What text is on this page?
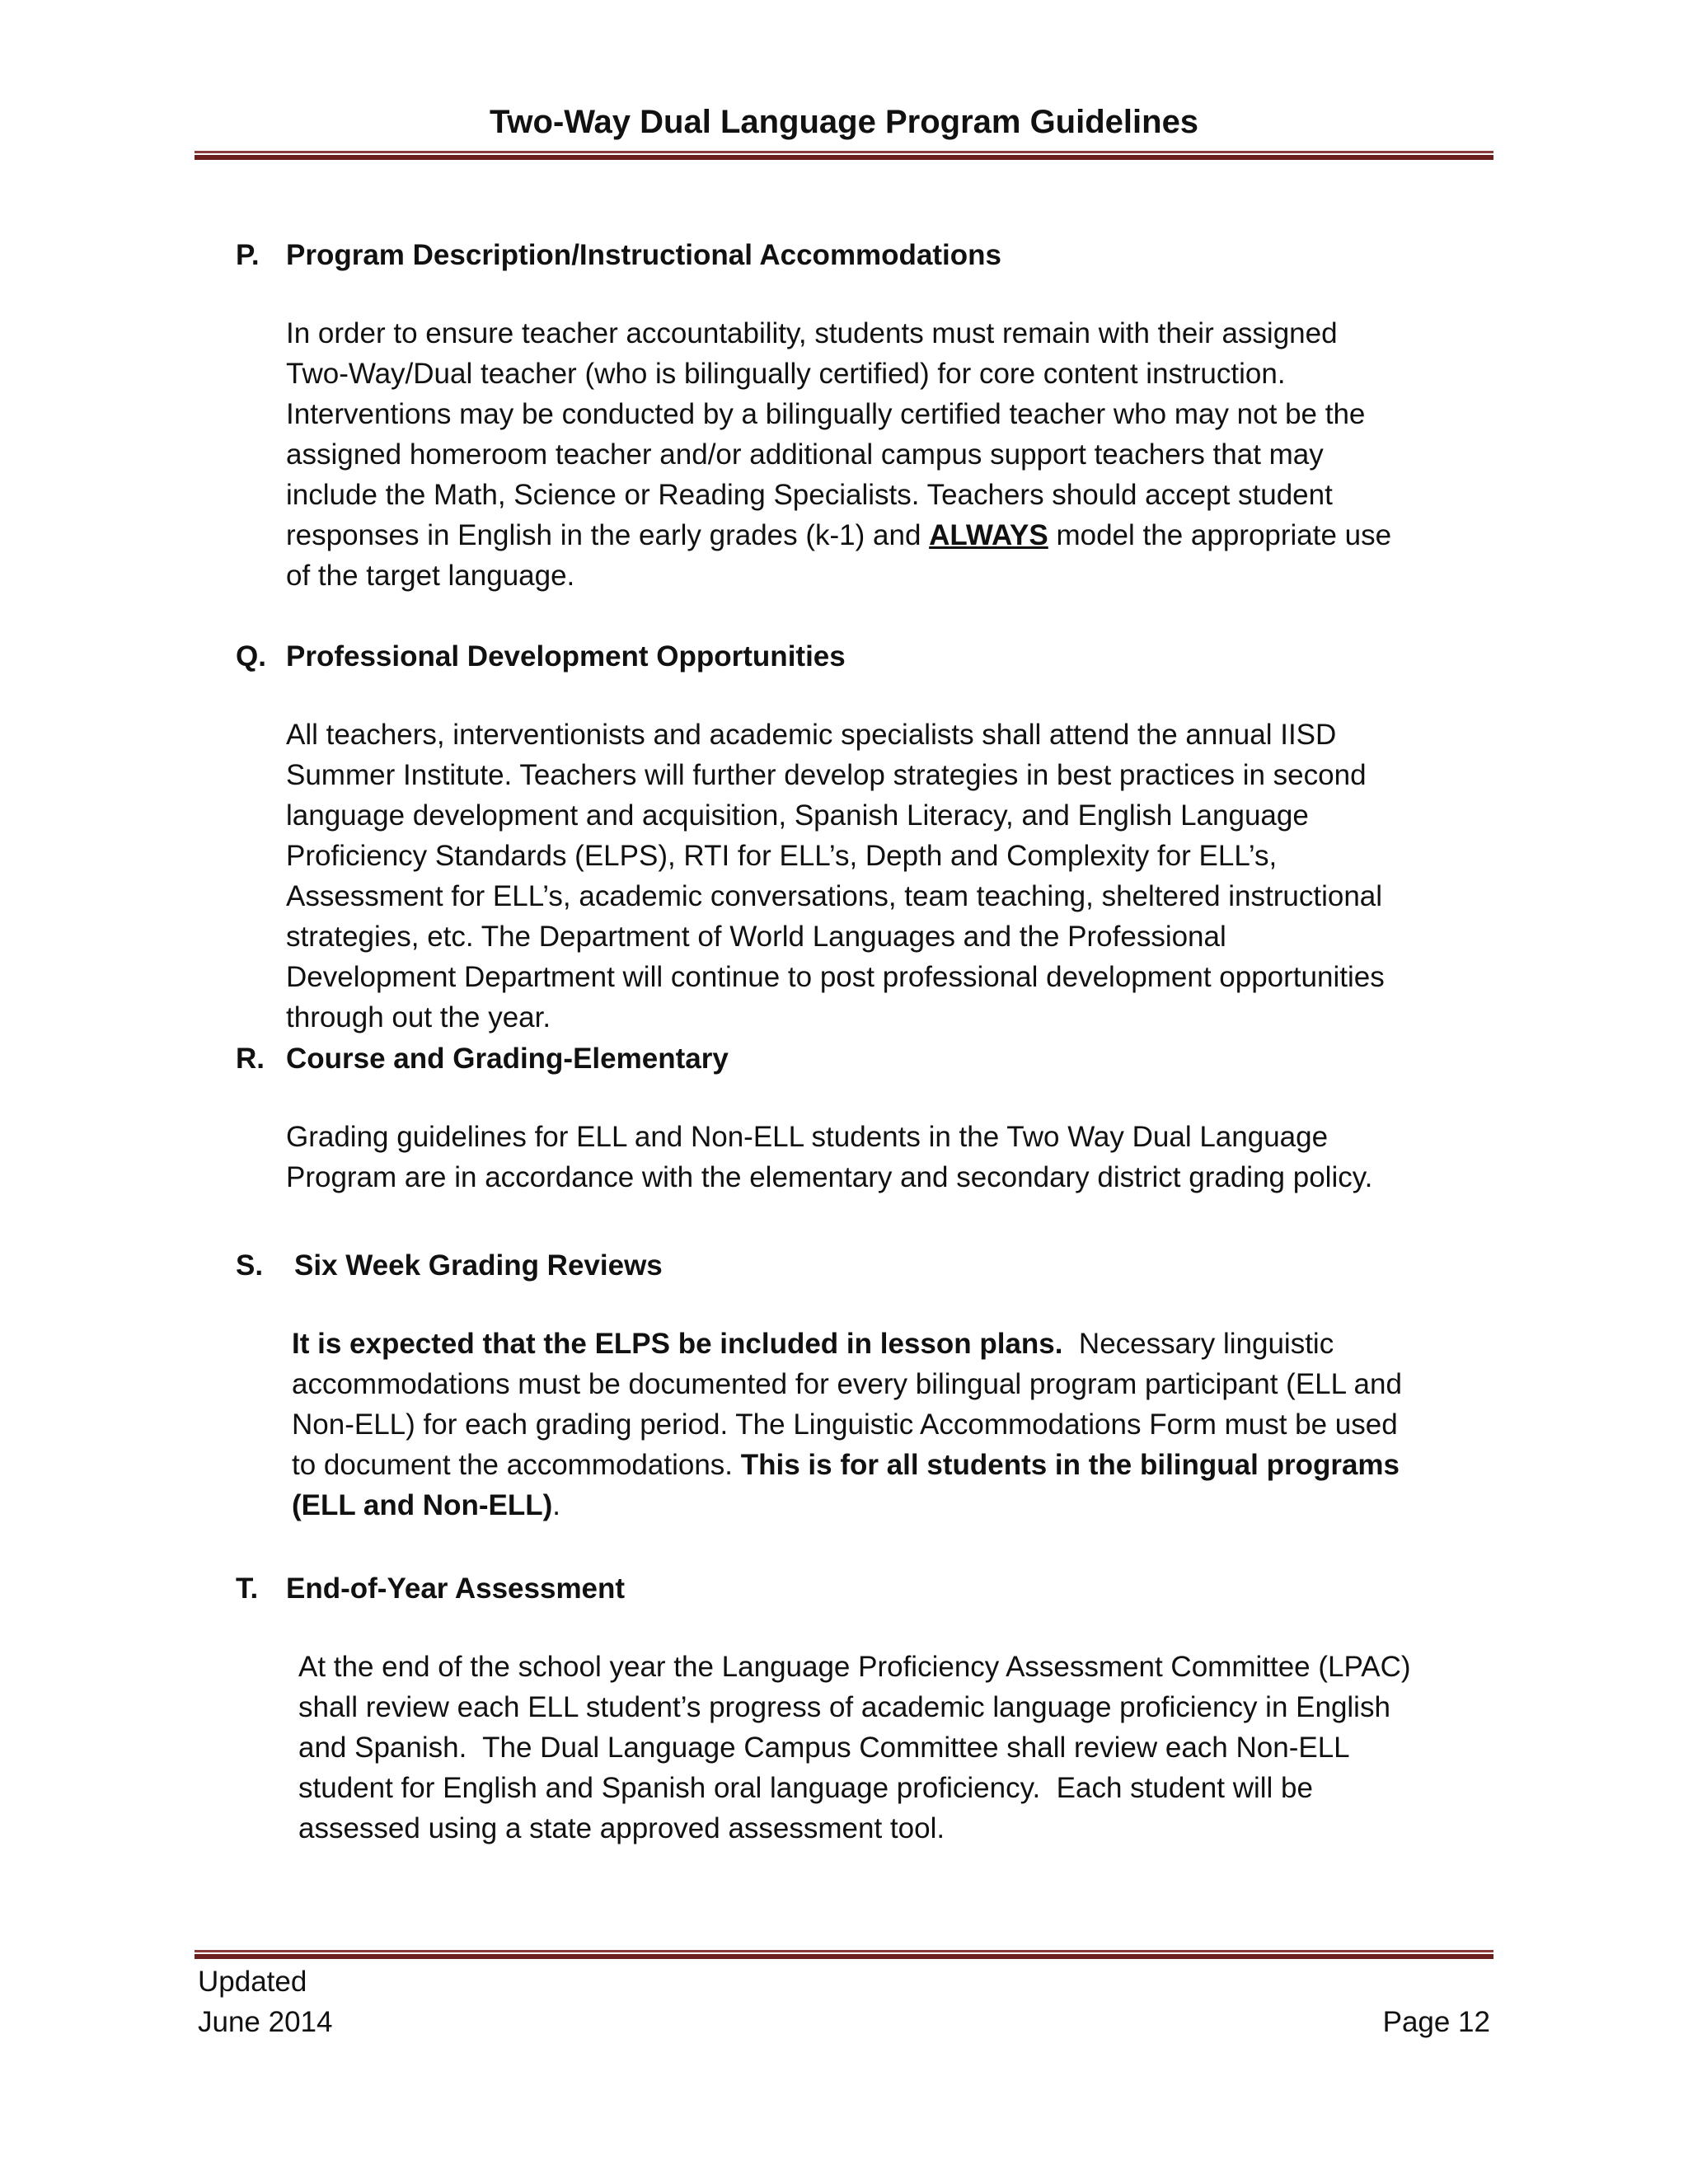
Two-Way Dual Language Program Guidelines
P. Program Description/Instructional Accommodations
In order to ensure teacher accountability, students must remain with their assigned Two-Way/Dual teacher (who is bilingually certified) for core content instruction. Interventions may be conducted by a bilingually certified teacher who may not be the assigned homeroom teacher and/or additional campus support teachers that may include the Math, Science or Reading Specialists. Teachers should accept student responses in English in the early grades (k-1) and ALWAYS model the appropriate use of the target language.
Q. Professional Development Opportunities
All teachers, interventionists and academic specialists shall attend the annual IISD Summer Institute. Teachers will further develop strategies in best practices in second language development and acquisition, Spanish Literacy, and English Language Proficiency Standards (ELPS), RTI for ELL’s, Depth and Complexity for ELL’s, Assessment for ELL’s, academic conversations, team teaching, sheltered instructional strategies, etc. The Department of World Languages and the Professional Development Department will continue to post professional development opportunities through out the year.
R. Course and Grading-Elementary
Grading guidelines for ELL and Non-ELL students in the Two Way Dual Language Program are in accordance with the elementary and secondary district grading policy.
S.	Six Week Grading Reviews
It is expected that the ELPS be included in lesson plans.  Necessary linguistic accommodations must be documented for every bilingual program participant (ELL and Non-ELL) for each grading period. The Linguistic Accommodations Form must be used to document the accommodations. This is for all students in the bilingual programs (ELL and Non-ELL).
T. End-of-Year Assessment
At the end of the school year the Language Proficiency Assessment Committee (LPAC) shall review each ELL student’s progress of academic language proficiency in English and Spanish.  The Dual Language Campus Committee shall review each Non-ELL student for English and Spanish oral language proficiency.  Each student will be assessed using a state approved assessment tool.
Updated
June 2014	Page 12
